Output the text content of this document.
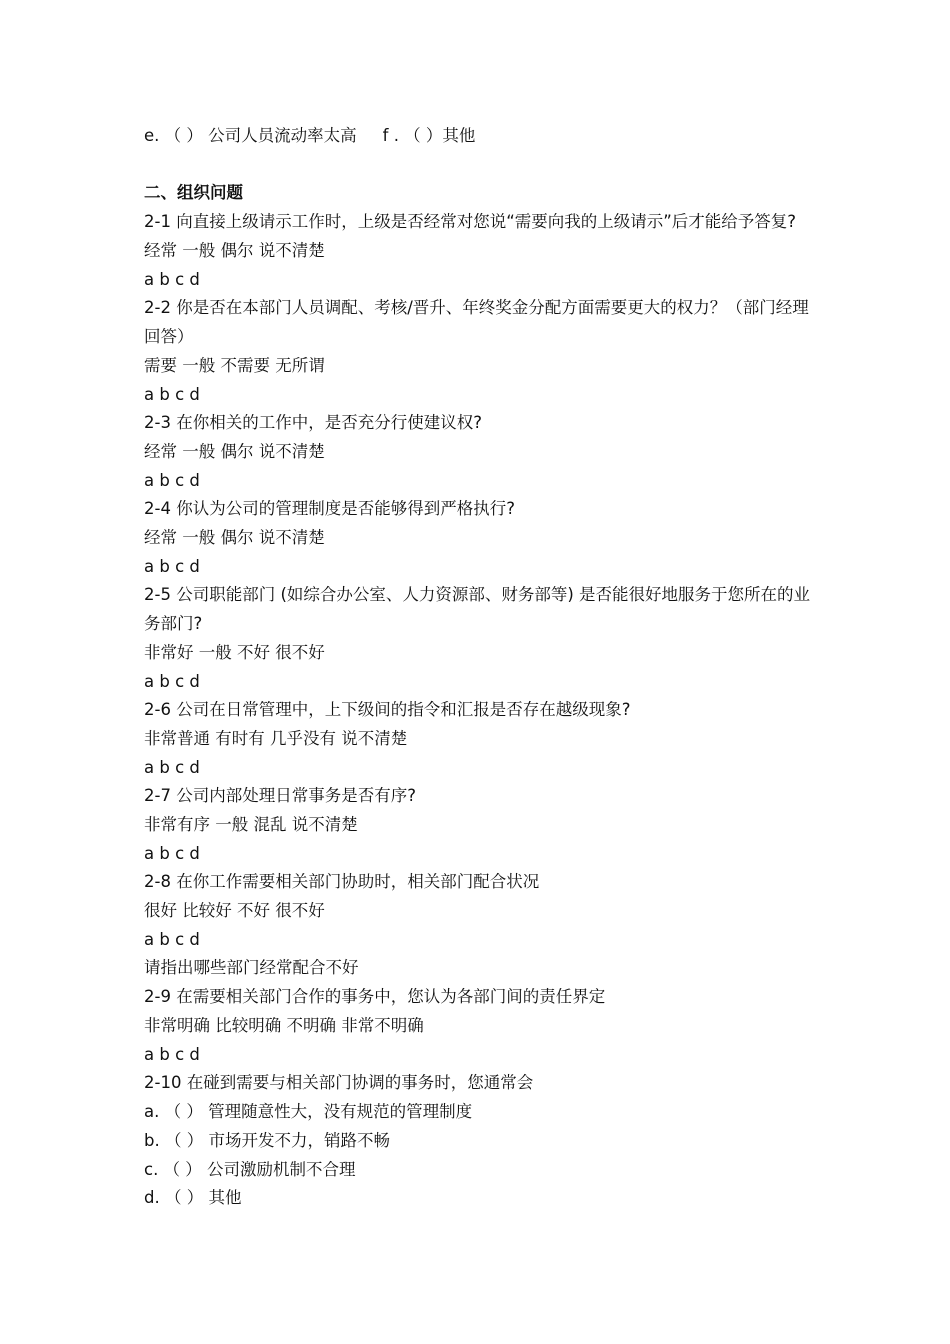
e. （ ） 公司人员流动率太高 f . （ ）其他
二、组织问题
2-1 向直接上级请示工作时，上级是否经常对您说“需要向我的上级请示”后才能给予答复?
经常 一般 偶尔 说不清楚
a b c d
2-2 你是否在本部门人员调配、考核/晋升、年终奖金分配方面需要更大的权力？（部门经理回答）
需要 一般 不需要 无所谓
a b c d
2-3 在你相关的工作中，是否充分行使建议权?
经常 一般 偶尔 说不清楚
a b c d
2-4 你认为公司的管理制度是否能够得到严格执行?
经常 一般 偶尔 说不清楚
a b c d
2-5 公司职能部门 (如综合办公室、人力资源部、财务部等) 是否能很好地服务于您所在的业务部门?
非常好 一般 不好 很不好
a b c d
2-6 公司在日常管理中，上下级间的指令和汇报是否存在越级现象?
非常普通 有时有 几乎没有 说不清楚
a b c d
2-7 公司内部处理日常事务是否有序?
非常有序 一般 混乱 说不清楚
a b c d
2-8 在你工作需要相关部门协助时，相关部门配合状况
很好 比较好 不好 很不好
a b c d
请指出哪些部门经常配合不好
2-9 在需要相关部门合作的事务中，您认为各部门间的责任界定
非常明确 比较明确 不明确 非常不明确
a b c d
2-10 在碰到需要与相关部门协调的事务时，您通常会
a. （ ） 管理随意性大，没有规范的管理制度
b. （ ） 市场开发不力，销路不畅
c. （ ） 公司激励机制不合理
d. （ ） 其他
